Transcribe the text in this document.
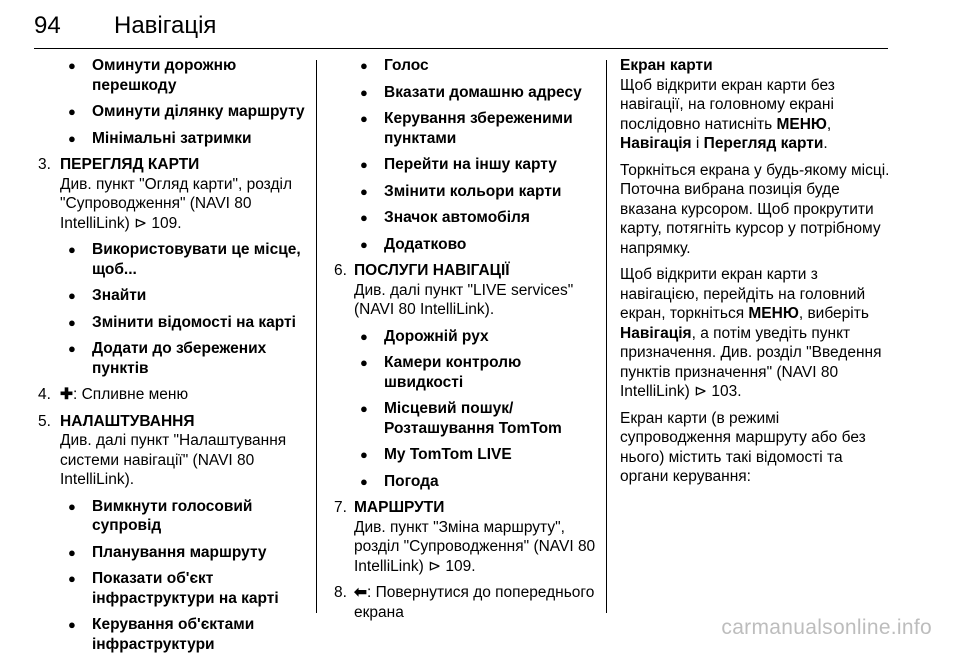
94 Навігація
● Оминути дорожню перешкоду
● Оминути ділянку маршруту
● Мінімальні затримки
3. ПЕРЕГЛЯД КАРТИ
Див. пункт "Огляд карти", розділ "Супроводження" (NAVI 80 IntelliLink) ⊳ 109.
● Використовувати це місце, щоб...
● Знайти
● Змінити відомості на карті
● Додати до збережених пунктів
4. ✚: Спливне меню
5. НАЛАШТУВАННЯ
Див. далі пункт "Налаштування системи навігації" (NAVI 80 IntelliLink).
● Вимкнути голосовий супровід
● Планування маршруту
● Показати об'єкт інфраструктури на карті
● Керування об'єктами інфраструктури
● Голос
● Вказати домашню адресу
● Керування збереженими пунктами
● Перейти на іншу карту
● Змінити кольори карти
● Значок автомобіля
● Додатково
6. ПОСЛУГИ НАВІГАЦІЇ
Див. далі пункт "LIVE services" (NAVI 80 IntelliLink).
● Дорожній рух
● Камери контролю швидкості
● Місцевий пошук/ Розташування TomTom
● My TomTom LIVE
● Погода
7. МАРШРУТИ
Див. пункт "Зміна маршруту", розділ "Супроводження" (NAVI 80 IntelliLink) ⊳ 109.
8. ⬅: Повернутися до попереднього екрана
Екран карти
Щоб відкрити екран карти без навігації, на головному екрані послідовно натисніть МЕНЮ, Навігація і Перегляд карти.
Торкніться екрана у будь-якому місці. Поточна вибрана позиція буде вказана курсором. Щоб прокрутити карту, потягніть курсор у потрібному напрямку.
Щоб відкрити екран карти з навігацією, перейдіть на головний екран, торкніться МЕНЮ, виберіть Навігація, а потім уведіть пункт призначення. Див. розділ "Введення пунктів призначення" (NAVI 80 IntelliLink) ⊳ 103.
Екран карти (в режимі супроводження маршруту або без нього) містить такі відомості та органи керування:
carmanualsonline.info
